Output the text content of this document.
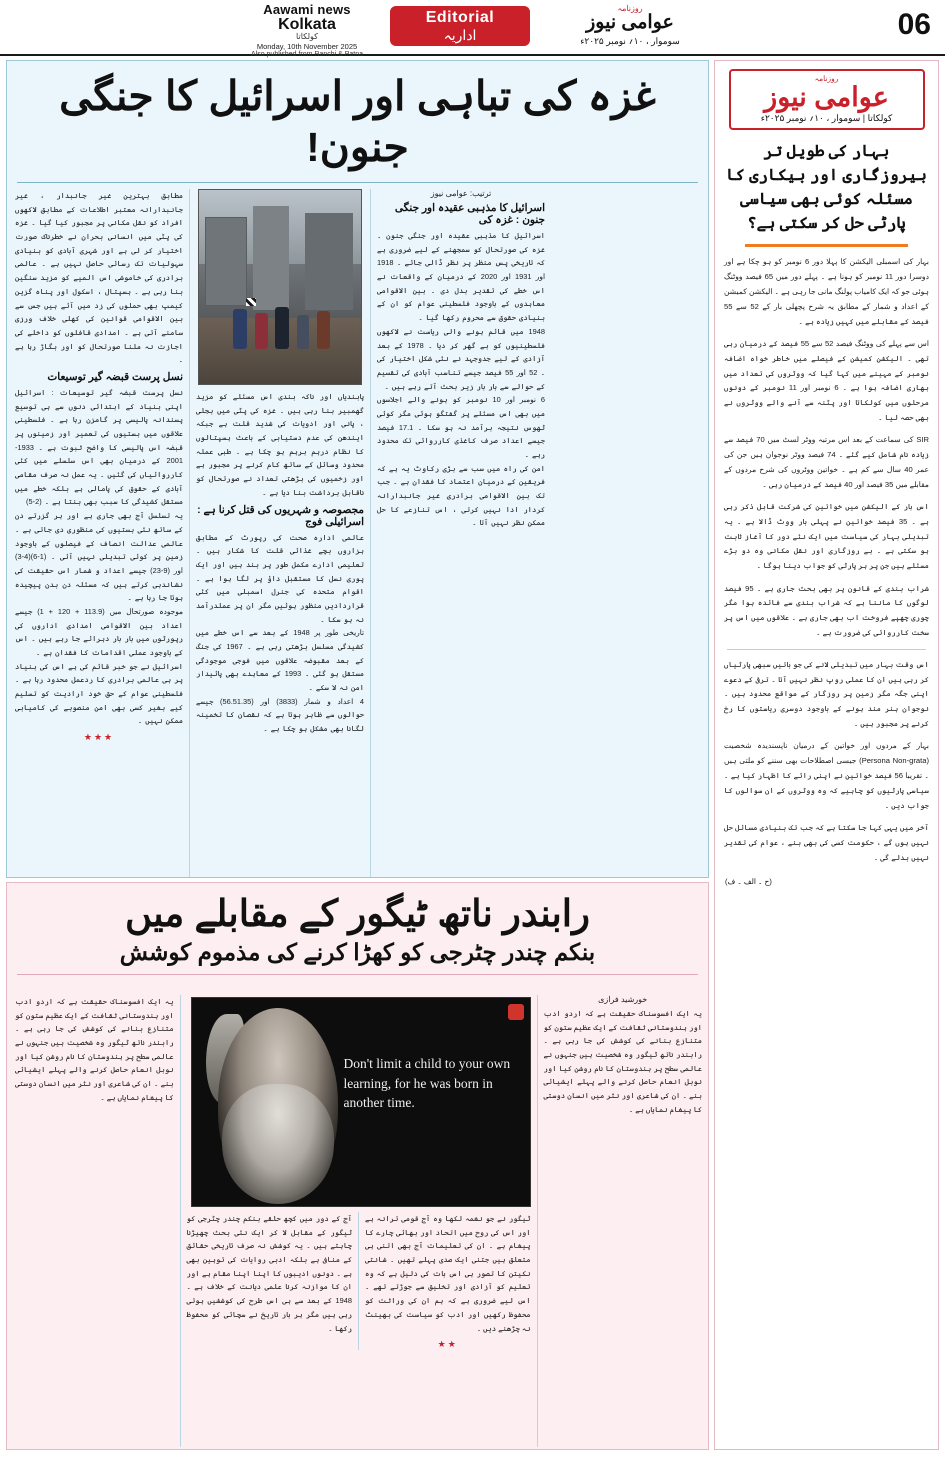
Aawami news
Kolkata
کولکاتا
Monday, 10th November 2025
Also published from Ranchi & Patna
Editorial
اداریہ
روزنامہ
عوامی نیوز
سوموار ، ۱۰؍ نومبر ۲۰۲۵ء	06
غزہ کی تباہی اور اسرائیل کا جنگی جنون!
مطابق بہترین غیر جانبدار ، غیر جانبدارانہ معتبر اطلاعات کے مطابق لاکھوں افراد کو نقل مکانی پر مجبور کیا گیا ۔ غزہ کی پٹی میں انسانی بحران نے خطرناک صورت اختیار کر لی ہے اور شہری آبادی کو بنیادی سہولیات تک رسائی حاصل نہیں ہے ۔ عالمی برادری کی خاموشی اس المیے کو مزید سنگین بنا رہی ہے ۔ ہسپتال ، اسکول اور پناہ گزین کیمپ بھی حملوں کی زد میں آئے ہیں جس سے بین الاقوامی قوانین کی کھلی خلاف ورزی سامنے آتی ہے ۔ امدادی قافلوں کو داخلے کی اجازت نہ ملنا صورتحال کو اور بگاڑ رہا ہے ۔
نسل پرست قبضہ گیر توسیعات
نسل پرست قبضہ گیر توسیعات : اسرائیل اپنی بنیاد کے ابتدائی دنوں سے ہی توسیع پسندانہ پالیسی پر گامزن رہا ہے ۔ فلسطینی علاقوں میں بستیوں کی تعمیر اور زمینوں پر قبضہ اس پالیسی کا واضح ثبوت ہے ۔ 1933-2001 کے درمیان بھی اس سلسلے میں کئی کارروائیاں کی گئیں ۔ یہ عمل نہ صرف مقامی آبادی کے حقوق کی پامالی ہے بلکہ خطے میں مستقل کشیدگی کا سبب بھی بنتا ہے ۔ (2-5)
یہ تسلسل آج بھی جاری ہے اور ہر گزرتے دن کے ساتھ نئی بستیوں کی منظوری دی جاتی ہے ۔ عالمی عدالت انصاف کے فیصلوں کے باوجود زمین پر کوئی تبدیلی نہیں آئی ۔ (1-6)(4-3) اور (9-23) جیسے اعداد و شمار اس حقیقت کی نشاندہی کرتے ہیں کہ مسئلہ دن بدن پیچیدہ ہوتا جا رہا ہے ۔
موجودہ صورتحال میں (113.9 + 120 + 1) جیسے اعداد بین الاقوامی امدادی اداروں کی رپورٹوں میں بار بار دہرائے جا رہے ہیں ۔ اس کے باوجود عملی اقدامات کا فقدان ہے ۔
اسرائیل نے جو خبر قائم کی ہے اس کی بنیاد پر ہی عالمی برادری کا ردعمل محدود رہا ہے ۔ فلسطینی عوام کے حق خود ارادیت کو تسلیم کیے بغیر کسی بھی امن منصوبے کی کامیابی ممکن نہیں ۔
★★★
پابندیاں اور ناکہ بندی اس مسئلے کو مزید گھمبیر بنا رہی ہیں ۔ غزہ کی پٹی میں بجلی ، پانی اور ادویات کی شدید قلت ہے جبکہ ایندھن کی عدم دستیابی کے باعث ہسپتالوں کا نظام درہم برہم ہو چکا ہے ۔ طبی عملہ محدود وسائل کے ساتھ کام کرنے پر مجبور ہے اور زخمیوں کی بڑھتی تعداد نے صورتحال کو ناقابل برداشت بنا دیا ہے ۔
مجصوصہ و شہریوں کی قتل کرنا ہے : اسرائیلی فوج
عالمی ادارہ صحت کی رپورٹ کے مطابق ہزاروں بچے غذائی قلت کا شکار ہیں ۔ تعلیمی ادارے مکمل طور پر بند ہیں اور ایک پوری نسل کا مستقبل داؤ پر لگا ہوا ہے ۔ اقوام متحدہ کی جنرل اسمبلی میں کئی قراردادیں منظور ہوئیں مگر ان پر عملدرآمد نہ ہو سکا ۔
تاریخی طور پر 1948 کے بعد سے اس خطے میں کشیدگی مسلسل بڑھتی رہی ہے ۔ 1967 کی جنگ کے بعد مقبوضہ علاقوں میں فوجی موجودگی مستقل ہو گئی ۔ 1993 کے معاہدے بھی پائیدار امن نہ لا سکے ۔
4 اعداد و شمار (3833) اور (56.51.35) جیسے حوالوں سے ظاہر ہوتا ہے کہ نقصان کا تخمینہ لگانا بھی مشکل ہو چکا ہے ۔
ترتیب: عوامی نیوز
اسرائیل کا مذہبی عقیدہ اور جنگی جنون : غزہ کی
اسرائیل کا مذہبی عقیدہ اور جنگی جنون ۔ غزہ کی صورتحال کو سمجھنے کے لیے ضروری ہے کہ تاریخی پس منظر پر نظر ڈالی جائے ۔ 1918 اور 1931 اور 2020 کے درمیان کے واقعات نے اس خطے کی تقدیر بدل دی ۔ بین الاقوامی معاہدوں کے باوجود فلسطینی عوام کو ان کے بنیادی حقوق سے محروم رکھا گیا ۔
1948 میں قائم ہونے والی ریاست نے لاکھوں فلسطینیوں کو بے گھر کر دیا ۔ 1978 کے بعد آزادی کے لیے جدوجہد نے نئی شکل اختیار کی ۔ 52 اور 55 فیصد جیسے تناسب آبادی کی تقسیم کے حوالے سے بار بار زیر بحث آتے رہے ہیں ۔
6 نومبر اور 10 نومبر کو ہونے والے اجلاسوں میں بھی اس مسئلے پر گفتگو ہوئی مگر کوئی ٹھوس نتیجہ برآمد نہ ہو سکا ۔ 17.1 فیصد جیسے اعداد صرف کاغذی کارروائی تک محدود رہے ۔
امن کی راہ میں سب سے بڑی رکاوٹ یہ ہے کہ فریقین کے درمیان اعتماد کا فقدان ہے ۔ جب تک بین الاقوامی برادری غیر جانبدارانہ کردار ادا نہیں کرتی ، اس تنازعے کا حل ممکن نظر نہیں آتا ۔
رابندر ناتھ ٹیگور کے مقابلے میں
بنکم چندر چٹرجی کو کھڑا کرنے کی مذموم کوشش
یہ ایک افسوسناک حقیقت ہے کہ اردو ادب اور ہندوستانی ثقافت کے ایک عظیم ستون کو متنازع بنانے کی کوشش کی جا رہی ہے ۔ رابندر ناتھ ٹیگور وہ شخصیت ہیں جنہوں نے عالمی سطح پر ہندوستان کا نام روشن کیا اور نوبل انعام حاصل کرنے والے پہلے ایشیائی بنے ۔ ان کی شاعری اور نثر میں انسان دوستی کا پیغام نمایاں ہے ۔
Don't limit a child to your own learning, for he was born in another time.
آج کے دور میں کچھ حلقے بنکم چندر چٹرجی کو ٹیگور کے مقابل لا کر ایک نئی بحث چھیڑنا چاہتے ہیں ۔ یہ کوشش نہ صرف تاریخی حقائق کے منافی ہے بلکہ ادبی روایات کی توہین بھی ہے ۔ دونوں ادیبوں کا اپنا اپنا مقام ہے اور ان کا موازنہ کرنا علمی دیانت کے خلاف ہے ۔ 1948 کے بعد سے ہی اس طرح کی کوششیں ہوتی رہی ہیں مگر ہر بار تاریخ نے سچائی کو محفوظ رکھا ۔
ٹیگور نے جو نغمہ لکھا وہ آج قومی ترانہ ہے اور اس کی روح میں اتحاد اور بھائی چارے کا پیغام ہے ۔ ان کی تعلیمات آج بھی اتنی ہی متعلق ہیں جتنی ایک صدی پہلے تھیں ۔ شانتی نکیتن کا تصور ہی اس بات کی دلیل ہے کہ وہ تعلیم کو آزادی اور تخلیق سے جوڑتے تھے ۔ اس لیے ضروری ہے کہ ہم ان کی وراثت کو محفوظ رکھیں اور ادب کو سیاست کی بھینٹ نہ چڑھنے دیں ۔
★★
خورشید فرازی
یہ ایک افسوسناک حقیقت ہے کہ اردو ادب اور ہندوستانی ثقافت کے ایک عظیم ستون کو متنازع بنانے کی کوشش کی جا رہی ہے ۔ رابندر ناتھ ٹیگور وہ شخصیت ہیں جنہوں نے عالمی سطح پر ہندوستان کا نام روشن کیا اور نوبل انعام حاصل کرنے والے پہلے ایشیائی بنے ۔ ان کی شاعری اور نثر میں انسان دوستی کا پیغام نمایاں ہے ۔
روزنامہ
عوامی نیوز
کولکاتا | سوموار ، ۱۰؍ نومبر ۲۰۲۵ء
بہار کی طویل تر بیروزگاری اور بیکاری کا مسئلہ کوئی بھی سیاسی پارٹی حل کر سکتی ہے؟

بہار کی اسمبلی الیکشن کا پہلا دور 6 نومبر کو ہو چکا ہے اور دوسرا دور 11 نومبر کو ہونا ہے ۔ پہلے دور میں 65 فیصد ووٹنگ ہوئی جو کہ ایک کامیاب پولنگ مانی جا رہی ہے ۔ الیکشن کمیشن کے اعداد و شمار کے مطابق یہ شرح پچھلی بار کے 52 سے 55 فیصد کے مقابلے میں کہیں زیادہ ہے ۔

اس سے پہلے کی ووٹنگ فیصد 52 سے 55 فیصد کے درمیان رہی تھی ۔ الیکشن کمیشن کے فیصلے میں خاطر خواہ اضافہ نومبر کے مہینے میں کہا گیا کہ ووٹروں کی تعداد میں بھاری اضافہ ہوا ہے ۔ 6 نومبر اور 11 نومبر کے دونوں مرحلوں میں کولکاتا اور پٹنہ سے آنے والے ووٹروں نے بھی حصہ لیا ۔

SIR کی سماعت کے بعد اس مرتبہ ووٹر لسٹ میں 70 فیصد سے زیادہ نام شامل کیے گئے ۔ 74 فیصد ووٹر نوجوان ہیں جن کی عمر 40 سال سے کم ہے ۔ خواتین ووٹروں کی شرح مردوں کے مقابلے میں 35 فیصد اور 40 فیصد کے درمیان رہی ۔

اس بار کے الیکشن میں خواتین کی شرکت قابل ذکر رہی ہے ۔ 35 فیصد خواتین نے پہلی بار ووٹ ڈالا ہے ۔ یہ تبدیلی بہار کی سیاست میں ایک نئے دور کا آغاز ثابت ہو سکتی ہے ۔ بے روزگاری اور نقل مکانی وہ دو بڑے مسئلے ہیں جن پر ہر پارٹی کو جواب دینا ہوگا ۔

شراب بندی کے قانون پر بھی بحث جاری ہے ۔ 95 فیصد لوگوں کا ماننا ہے کہ شراب بندی سے فائدہ ہوا مگر چوری چھپے فروخت اب بھی جاری ہے ۔ علاقوں میں اس پر سخت کارروائی کی ضرورت ہے ۔

اس وقت بہار میں تبدیلی لانے کی جو باتیں سبھی پارٹیاں کر رہی ہیں ان کا عملی روپ نظر نہیں آتا ۔ ترقی کے دعوے اپنی جگہ مگر زمین پر روزگار کے مواقع محدود ہیں ۔ نوجوان ہنر مند ہونے کے باوجود دوسری ریاستوں کا رخ کرنے پر مجبور ہیں ۔

بہار کے مردوں اور خواتین کے درمیان ناپسندیدہ شخصیت (Persona Non-grata) جیسی اصطلاحات بھی سننے کو ملتی ہیں ۔ تقریبا 56 فیصد خواتین نے اپنی رائے کا اظہار کیا ہے ۔ سیاسی پارٹیوں کو چاہیے کہ وہ ووٹروں کے ان سوالوں کا جواب دیں ۔

آخر میں یہی کہا جا سکتا ہے کہ جب تک بنیادی مسائل حل نہیں ہوں گے ، حکومت کسی کی بھی بنے ، عوام کی تقدیر نہیں بدلے گی ۔

(ح ۔ الف ۔ ف)
